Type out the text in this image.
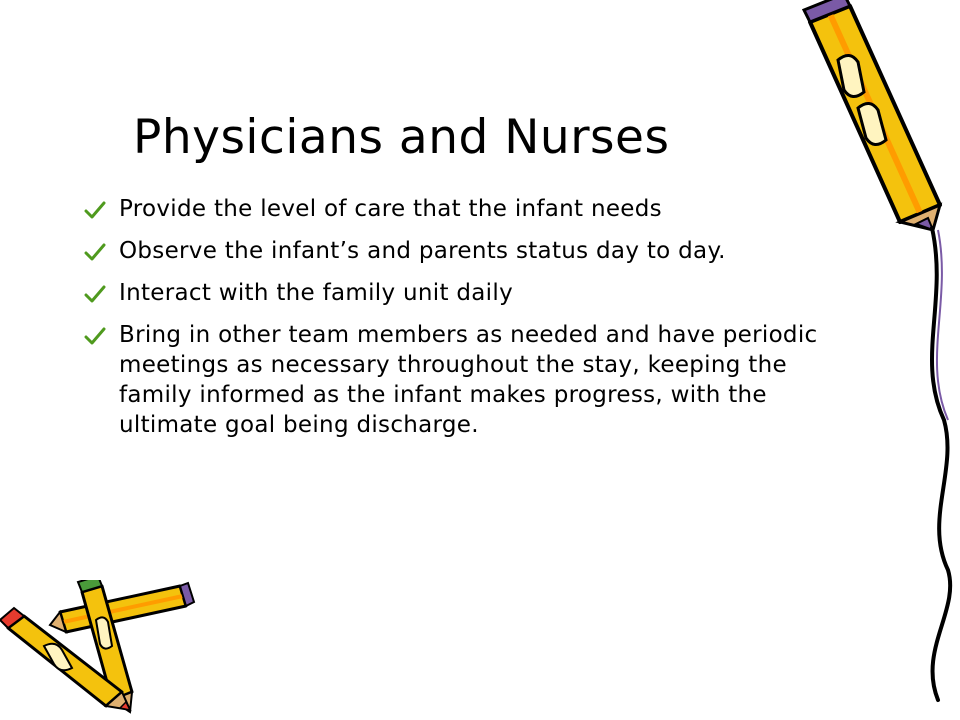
Physicians and Nurses
Provide the level of care that the infant needs
Observe the infant’s and parents status day to day.
Interact with the family unit daily
Bring in other team members as needed and have periodic meetings as necessary throughout the stay, keeping the family informed as the infant makes progress, with the ultimate goal being discharge.
